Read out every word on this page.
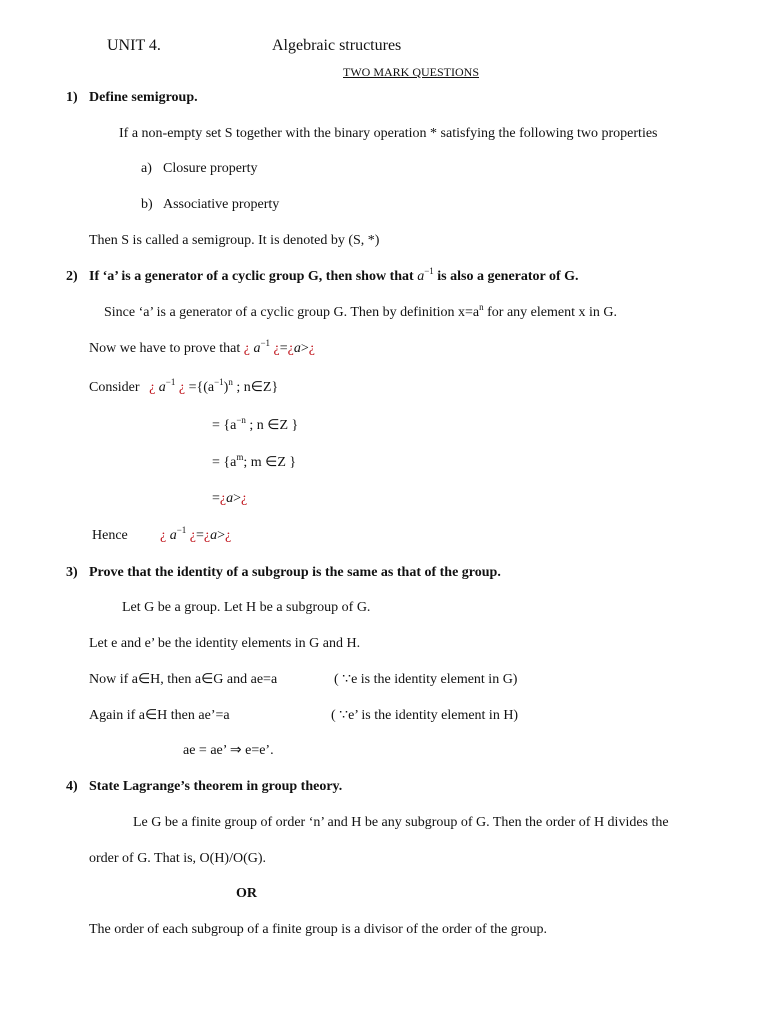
UNIT 4.	Algebraic structures
TWO MARK QUESTIONS
1) Define semigroup.
If a non-empty set S together with the binary operation * satisfying the following two properties
a) Closure property
b) Associative property
Then S is called a semigroup. It is denoted by (S, *)
2) If ‘a’ is a generator of a cyclic group G, then show that $a^{-1}$ is also a generator of G.
Since ‘a’ is a generator of a cyclic group G. Then by definition $x=a^n$ for any element x in G.
Now we have to prove that ¿ $a^{-1}$ ¿=¿a>¿
Consider ¿ $a^{-1}$ ¿ $=\{(a^{-1})^n$ ; n∈Z}
= {$a^{-n}$ ; n ∈Z }
= {$a^m$; m ∈Z }
=¿a>¿
Hence ¿ $a^{-1}$ ¿=¿a>¿
3) Prove that the identity of a subgroup is the same as that of the group.
Let G be a group. Let H be a subgroup of G.
Let e and e’ be the identity elements in G and H.
Now if a∈H, then a∈G and ae=a	( ∵e is the identity element in G)
Again if a∈H then ae’=a	( ∵e’ is the identity element in H)
ae = ae’ ⇒ e=e’.
4) State Lagrange’s theorem in group theory.
Le G be a finite group of order ‘n’ and H be any subgroup of G. Then the order of H divides the
order of G. That is, O(H)/O(G).
OR
The order of each subgroup of a finite group is a divisor of the order of the group.
